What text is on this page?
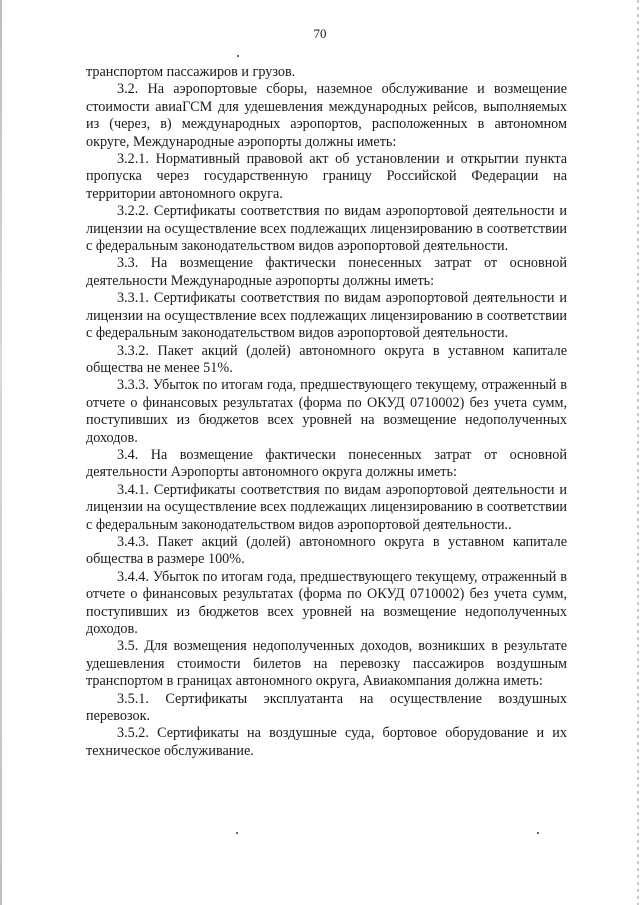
70

транспортом пассажиров и грузов.

3.2. На аэропортовые сборы, наземное обслуживание и возмещение стоимости авиаГСМ для удешевления международных рейсов, выполняемых из (через, в) международных аэропортов, расположенных в автономном округе, Международные аэропорты должны иметь:

3.2.1. Нормативный правовой акт об установлении и открытии пункта пропуска через государственную границу Российской Федерации на территории автономного округа.

3.2.2. Сертификаты соответствия по видам аэропортовой деятельности и лицензии на осуществление всех подлежащих лицензированию в соответствии с федеральным законодательством видов аэропортовой деятельности.

3.3. На возмещение фактически понесенных затрат от основной деятельности Международные аэропорты должны иметь:

3.3.1. Сертификаты соответствия по видам аэропортовой деятельности и лицензии на осуществление всех подлежащих лицензированию в соответствии с федеральным законодательством видов аэропортовой деятельности.

3.3.2. Пакет акций (долей) автономного округа в уставном капитале общества не менее 51%.

3.3.3. Убыток по итогам года, предшествующего текущему, отраженный в отчете о финансовых результатах (форма по ОКУД 0710002) без учета сумм, поступивших из бюджетов всех уровней на возмещение недополученных доходов.

3.4. На возмещение фактически понесенных затрат от основной деятельности Аэропорты автономного округа должны иметь:

3.4.1. Сертификаты соответствия по видам аэропортовой деятельности и лицензии на осуществление всех подлежащих лицензированию в соответствии с федеральным законодательством видов аэропортовой деятельности..

3.4.3. Пакет акций (долей) автономного округа в уставном капитале общества в размере 100%.

3.4.4. Убыток по итогам года, предшествующего текущему, отраженный в отчете о финансовых результатах (форма по ОКУД 0710002) без учета сумм, поступивших из бюджетов всех уровней на возмещение недополученных доходов.

3.5. Для возмещения недополученных доходов, возникших в результате удешевления стоимости билетов на перевозку пассажиров воздушным транспортом в границах автономного округа, Авиакомпания должна иметь:

3.5.1. Сертификаты эксплуатанта на осуществление воздушных перевозок.

3.5.2. Сертификаты на воздушные суда, бортовое оборудование и их техническое обслуживание.
